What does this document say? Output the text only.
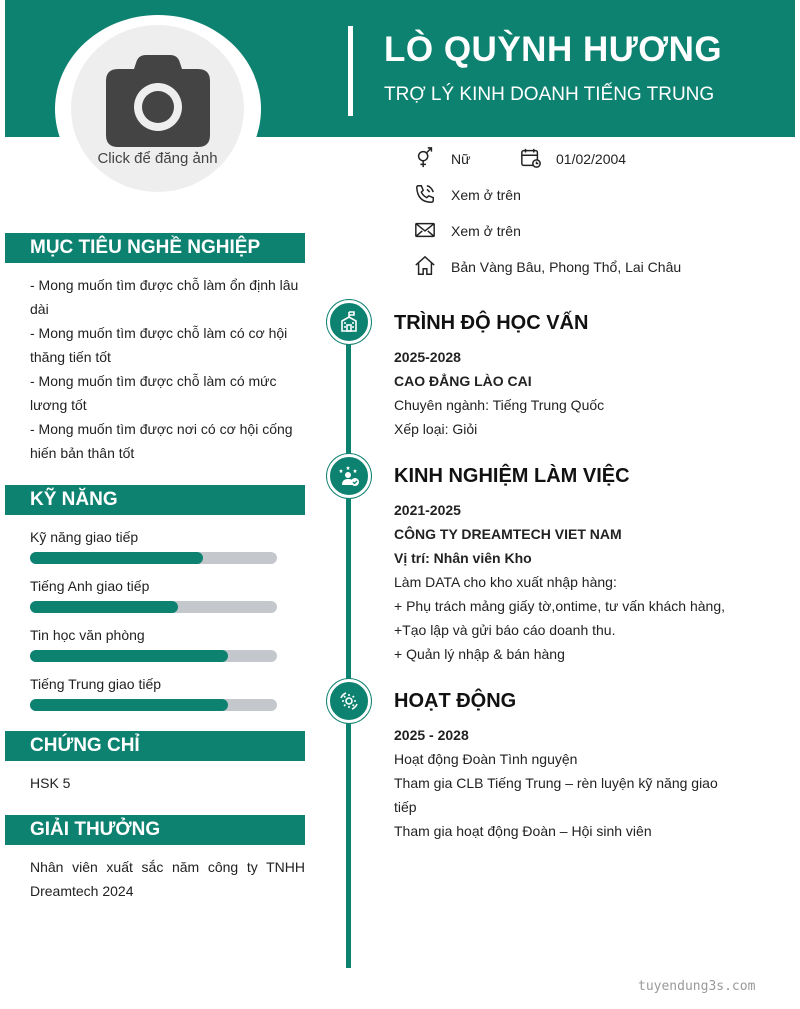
LÒ QUỲNH HƯƠNG
TRỢ LÝ KINH DOANH TIẾNG TRUNG
Click để đăng ảnh	Nữ	01/02/2004
Xem ở trên
Xem ở trên
Bản Vàng Bâu, Phong Thổ, Lai Châu
MỤC TIÊU NGHỀ NGHIỆP
- Mong muốn tìm được chỗ làm ổn định lâu
dài
- Mong muốn tìm được chỗ làm có cơ hội
thăng tiến tốt
- Mong muốn tìm được chỗ làm có mức
lương tốt
- Mong muốn tìm được nơi có cơ hội cống
hiến bản thân tốt
KỸ NĂNG
Kỹ năng giao tiếp
Tiếng Anh giao tiếp
Tin học văn phòng
Tiếng Trung giao tiếp
CHỨNG CHỈ
HSK 5
GIẢI THƯỞNG
Nhân viên xuất sắc năm công ty TNHH
Dreamtech 2024
TRÌNH ĐỘ HỌC VẤN
2025-2028
CAO ĐẲNG LÀO CAI
Chuyên ngành: Tiếng Trung Quốc
Xếp loại: Giỏi
KINH NGHIỆM LÀM VIỆC
2021-2025
CÔNG TY DREAMTECH VIET NAM
Vị trí: Nhân viên Kho
Làm DATA cho kho xuất nhập hàng:
+ Phụ trách mảng giấy tờ,ontime, tư vấn khách hàng,
+Tạo lập và gửi báo cáo doanh thu.
+ Quản lý nhập & bán hàng
HOẠT ĐỘNG
2025 - 2028
Hoạt động Đoàn Tình nguyện
Tham gia CLB Tiếng Trung – rèn luyện kỹ năng giao
tiếp
Tham gia hoạt động Đoàn – Hội sinh viên
tuyendung3s.com
